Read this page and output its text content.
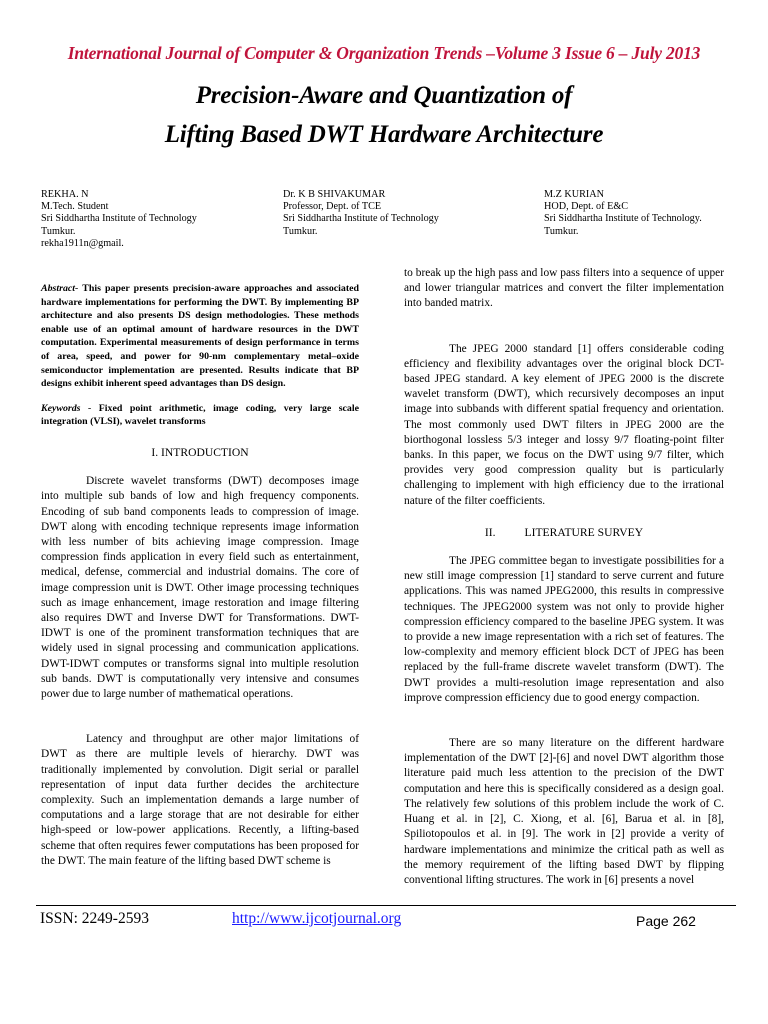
International Journal of Computer & Organization Trends –Volume 3 Issue 6 – July 2013
Precision-Aware and Quantization of
Lifting Based DWT Hardware Architecture
REKHA. N
M.Tech. Student
Sri Siddhartha Institute of Technology
Tumkur.
rekha1911n@gmail.
Dr. K B SHIVAKUMAR
Professor, Dept. of TCE
Sri Siddhartha Institute of Technology
Tumkur.
M.Z KURIAN
HOD, Dept. of E&C
Sri Siddhartha Institute of Technology.
Tumkur.

Abstract- This paper presents precision-aware approaches and associated hardware implementations for performing the DWT. By implementing BP architecture and also presents DS design methodologies. These methods enable use of an optimal amount of hardware resources in the DWT computation. Experimental measurements of design performance in terms of area, speed, and power for 90-nm complementary metal–oxide semiconductor implementation are presented. Results indicate that BP designs exhibit inherent speed advantages than DS design.

Keywords - Fixed point arithmetic, image coding, very large scale integration (VLSI), wavelet transforms

I. INTRODUCTION

Discrete wavelet transforms (DWT) decomposes image into multiple sub bands of low and high frequency components. Encoding of sub band components leads to compression of image. DWT along with encoding technique represents image information with less number of bits achieving image compression. Image compression finds application in every field such as entertainment, medical, defense, commercial and industrial domains. The core of image compression unit is DWT. Other image processing techniques such as image enhancement, image restoration and image filtering also requires DWT and Inverse DWT for Transformations. DWT-IDWT is one of the prominent transformation techniques that are widely used in signal processing and communication applications. DWT-IDWT computes or transforms signal into multiple resolution sub bands. DWT is computationally very intensive and consumes power due to large number of mathematical operations.

Latency and throughput are other major limitations of DWT as there are multiple levels of hierarchy. DWT was traditionally implemented by convolution. Digit serial or parallel representation of input data further decides the architecture complexity. Such an implementation demands a large number of computations and a large storage that are not desirable for either high-speed or low-power applications. Recently, a lifting-based scheme that often requires fewer computations has been proposed for the DWT. The main feature of the lifting based DWT scheme is

to break up the high pass and low pass filters into a sequence of upper and lower triangular matrices and convert the filter implementation into banded matrix.

The JPEG 2000 standard [1] offers considerable coding efficiency and flexibility advantages over the original block DCT-based JPEG standard. A key element of JPEG 2000 is the discrete wavelet transform (DWT), which recursively decomposes an input image into subbands with different spatial frequency and orientation. The most commonly used DWT filters in JPEG 2000 are the biorthogonal lossless 5/3 integer and lossy 9/7 floating-point filter banks. In this paper, we focus on the DWT using 9/7 filter, which provides very good compression quality but is particularly challenging to implement with high efficiency due to the irrational nature of the filter coefficients.

II.          LITERATURE SURVEY

The JPEG committee began to investigate possibilities for a new still image compression [1] standard to serve current and future applications. This was named JPEG2000, this results in compressive techniques. The JPEG2000 system was not only to provide higher compression efficiency compared to the baseline JPEG system. It was to provide a new image representation with a rich set of features. The low-complexity and memory efficient block DCT of JPEG has been replaced by the full-frame discrete wavelet transform (DWT). The DWT provides a multi-resolution image representation and also improve compression efficiency due to good energy compaction.

There are so many literature on the different hardware implementation of the DWT [2]-[6] and novel DWT algorithm those literature paid much less attention to the precision of the DWT computation and here this is specifically considered as a design goal. The relatively few solutions of this problem include the work of C. Huang et al. in [2], C. Xiong, et al. [6], Barua et al. in [8], Spiliotopoulos et al. in [9]. The work in [2] provide a verity of hardware implementations and minimize the critical path as well as the memory requirement of the lifting based DWT by flipping conventional lifting structures. The work in [6] presents a novel

ISSN: 2249-2593	http://www.ijcotjournal.org	Page 262
